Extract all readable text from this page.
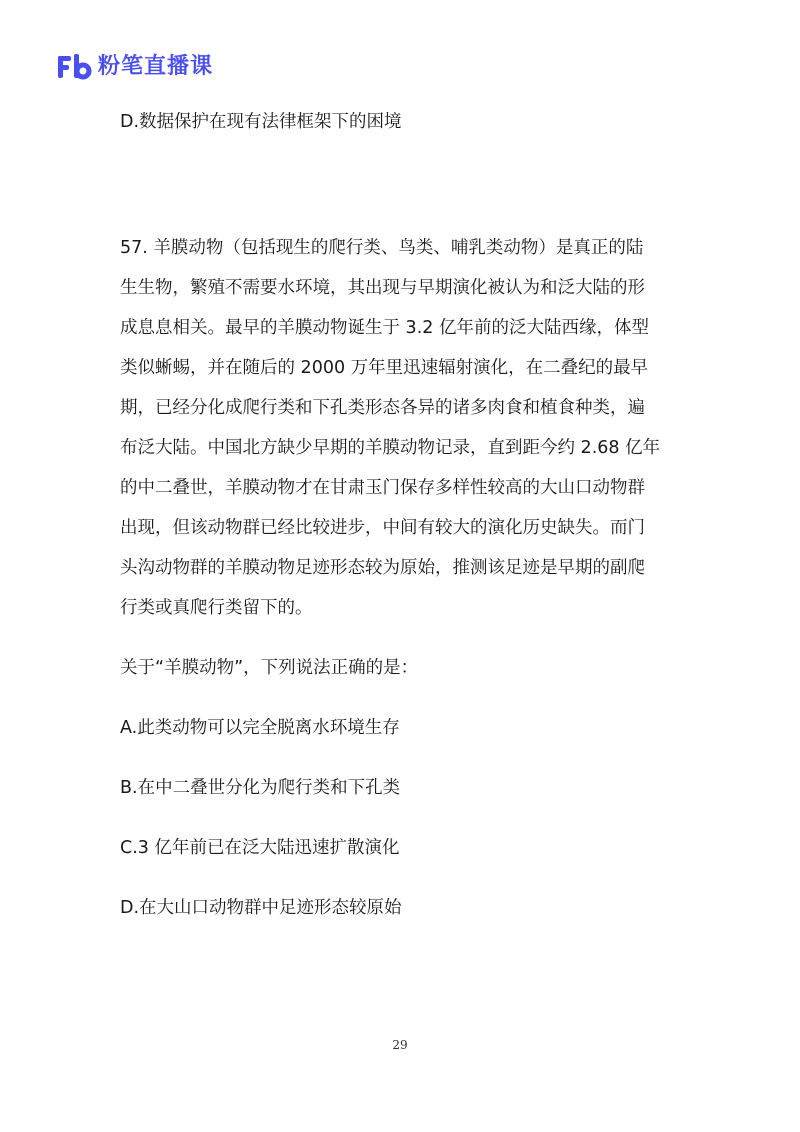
粉笔直播课
D.数据保护在现有法律框架下的困境
57. 羊膜动物（包括现生的爬行类、鸟类、哺乳类动物）是真正的陆
生生物，繁殖不需要水环境，其出现与早期演化被认为和泛大陆的形
成息息相关。最早的羊膜动物诞生于 3.2 亿年前的泛大陆西缘，体型
类似蜥蜴，并在随后的 2000 万年里迅速辐射演化，在二叠纪的最早
期，已经分化成爬行类和下孔类形态各异的诸多肉食和植食种类，遍
布泛大陆。中国北方缺少早期的羊膜动物记录，直到距今约 2.68 亿年
的中二叠世，羊膜动物才在甘肃玉门保存多样性较高的大山口动物群
出现，但该动物群已经比较进步，中间有较大的演化历史缺失。而门
头沟动物群的羊膜动物足迹形态较为原始，推测该足迹是早期的副爬
行类或真爬行类留下的。
关于“羊膜动物”，下列说法正确的是：
A.此类动物可以完全脱离水环境生存
B.在中二叠世分化为爬行类和下孔类
C.3 亿年前已在泛大陆迅速扩散演化
D.在大山口动物群中足迹形态较原始
29
